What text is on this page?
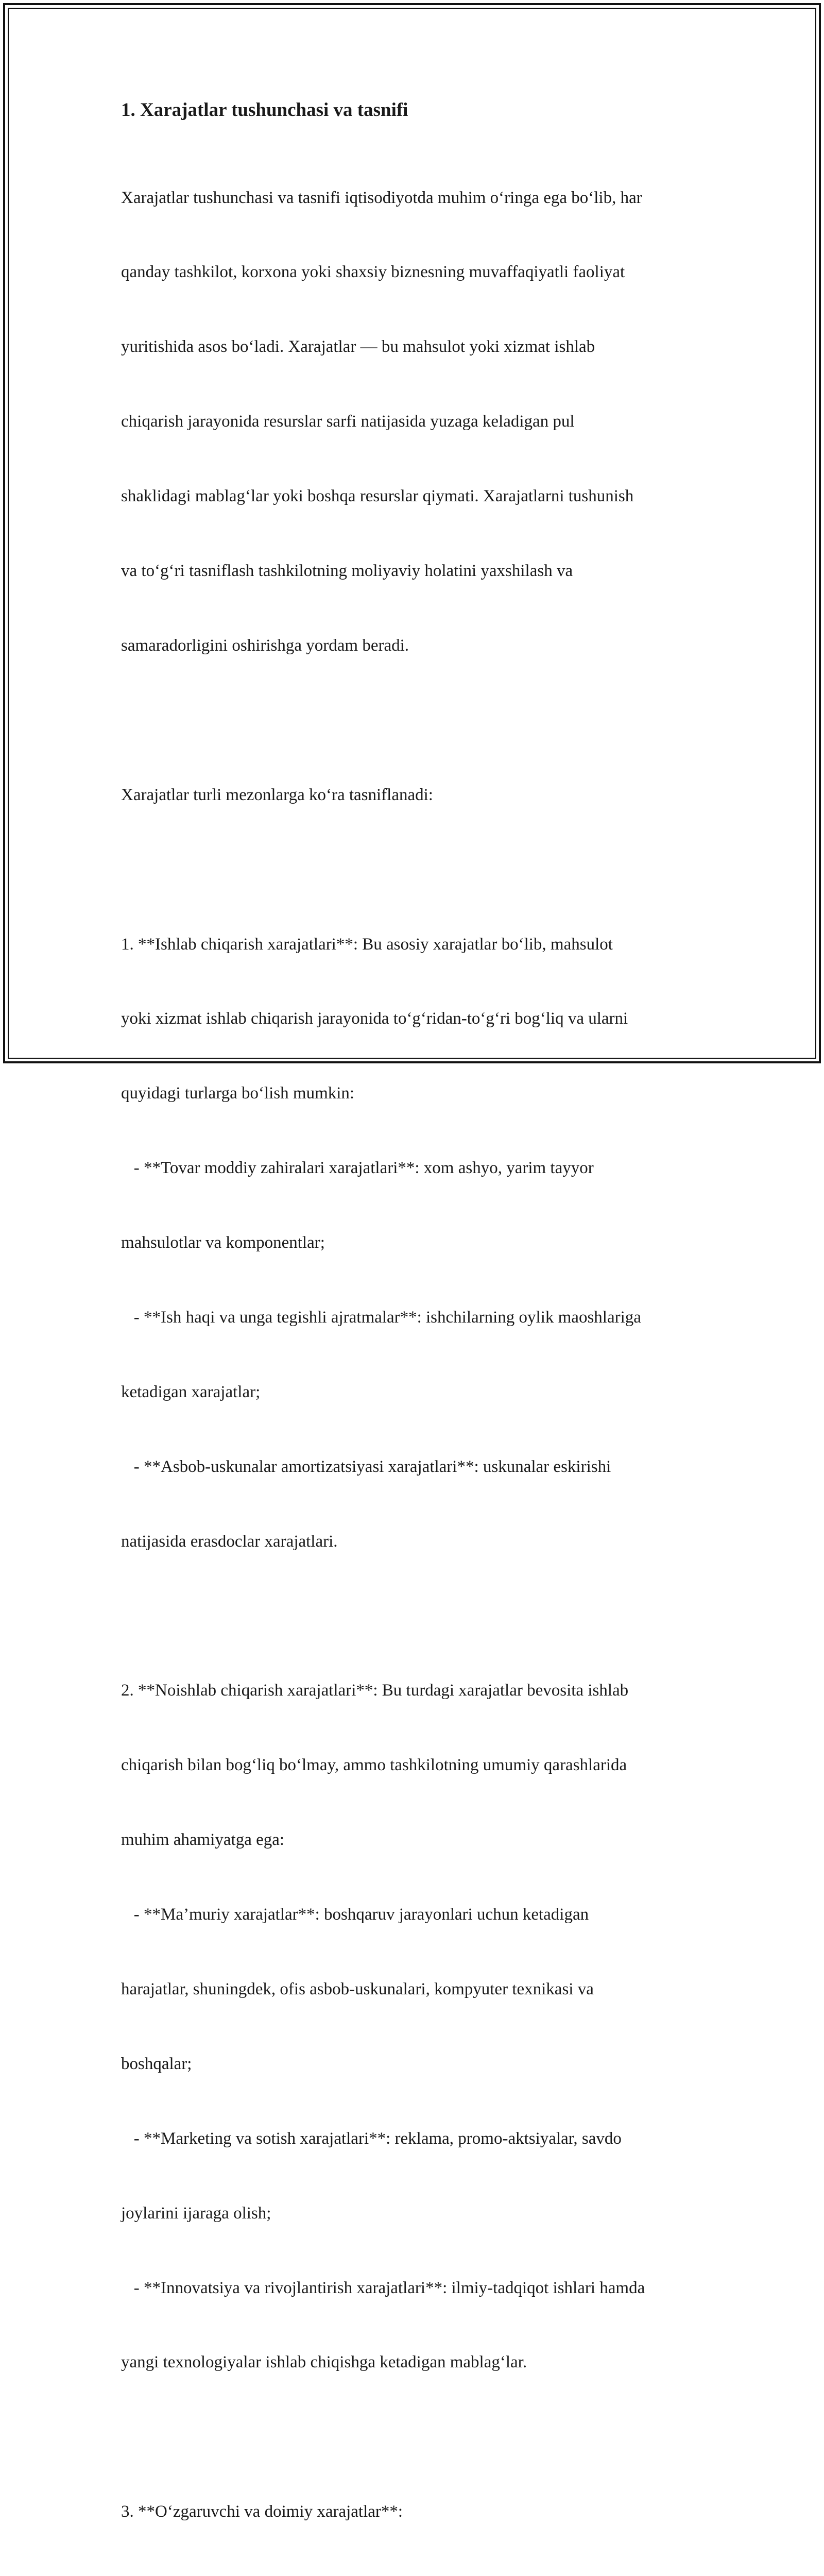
1. Xarajatlar tushunchasi va tasnifi

Xarajatlar tushunchasi va tasnifi iqtisodiyotda muhim o‘ringa ega bo‘lib, har

qanday tashkilot, korxona yoki shaxsiy biznesning muvaffaqiyatli faoliyat

yuritishida asos bo‘ladi. Xarajatlar — bu mahsulot yoki xizmat ishlab

chiqarish jarayonida resurslar sarfi natijasida yuzaga keladigan pul

shaklidagi mablag‘lar yoki boshqa resurslar qiymati. Xarajatlarni tushunish

va to‘g‘ri tasniflash tashkilotning moliyaviy holatini yaxshilash va

samaradorligini oshirishga yordam beradi.

Xarajatlar turli mezonlarga ko‘ra tasniflanadi:

1. **Ishlab chiqarish xarajatlari**: Bu asosiy xarajatlar bo‘lib, mahsulot

yoki xizmat ishlab chiqarish jarayonida to‘g‘ridan-to‘g‘ri bog‘liq va ularni

quyidagi turlarga bo‘lish mumkin:

- **Tovar moddiy zahiralari xarajatlari**: xom ashyo, yarim tayyor

mahsulotlar va komponentlar;

- **Ish haqi va unga tegishli ajratmalar**: ishchilarning oylik maoshlariga

ketadigan xarajatlar;

- **Asbob-uskunalar amortizatsiyasi xarajatlari**: uskunalar eskirishi

natijasida erasdoclar xarajatlari.

2. **Noishlab chiqarish xarajatlari**: Bu turdagi xarajatlar bevosita ishlab

chiqarish bilan bog‘liq bo‘lmay, ammo tashkilotning umumiy qarashlarida

muhim ahamiyatga ega:

- **Ma’muriy xarajatlar**: boshqaruv jarayonlari uchun ketadigan

harajatlar, shuningdek, ofis asbob-uskunalari, kompyuter texnikasi va

boshqalar;

- **Marketing va sotish xarajatlari**: reklama, promo-aktsiyalar, savdo

joylarini ijaraga olish;

- **Innovatsiya va rivojlantirish xarajatlari**: ilmiy-tadqiqot ishlari hamda

yangi texnologiyalar ishlab chiqishga ketadigan mablag‘lar.

3. **O‘zgaruvchi va doimiy xarajatlar**:
